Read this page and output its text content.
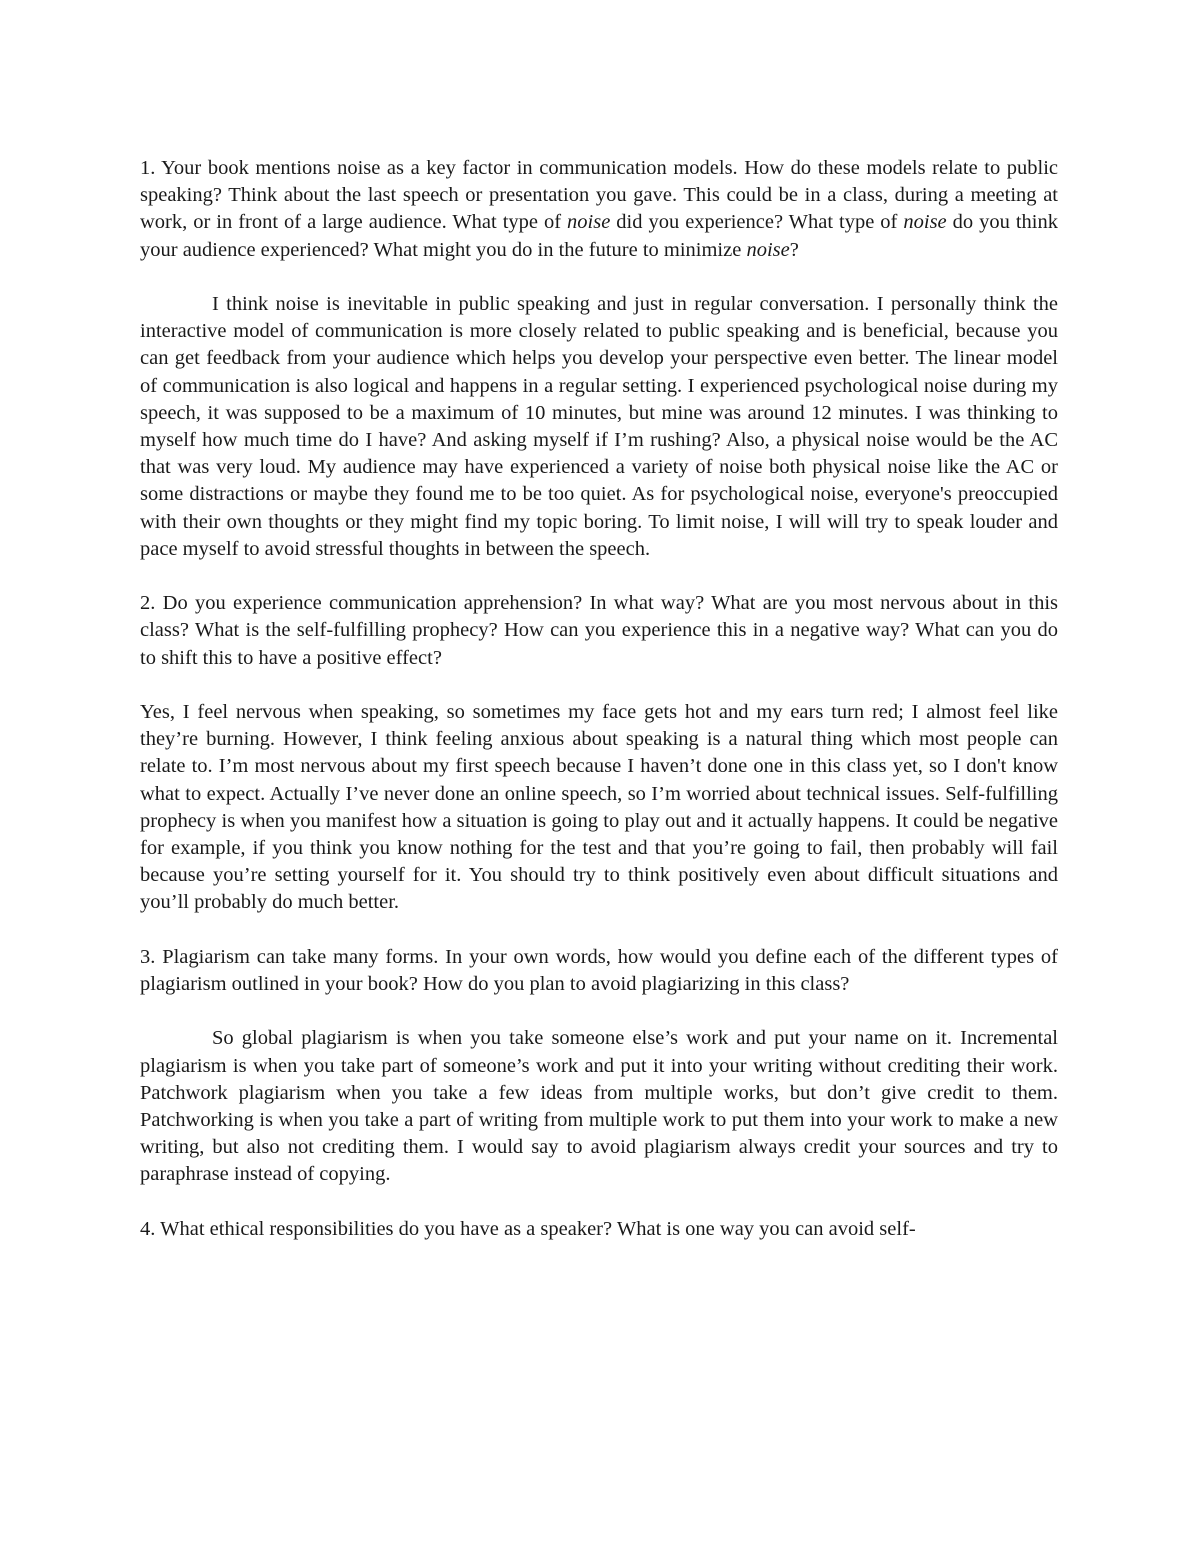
1. Your book mentions noise as a key factor in communication models. How do these models relate to public speaking? Think about the last speech or presentation you gave. This could be in a class, during a meeting at work, or in front of a large audience. What type of noise did you experience? What type of noise do you think your audience experienced? What might you do in the future to minimize noise?

I think noise is inevitable in public speaking and just in regular conversation. I personally think the interactive model of communication is more closely related to public speaking and is beneficial, because you can get feedback from your audience which helps you develop your perspective even better. The linear model of communication is also logical and happens in a regular setting. I experienced psychological noise during my speech, it was supposed to be a maximum of 10 minutes, but mine was around 12 minutes. I was thinking to myself how much time do I have? And asking myself if I’m rushing? Also, a physical noise would be the AC that was very loud. My audience may have experienced a variety of noise both physical noise like the AC or some distractions or maybe they found me to be too quiet. As for psychological noise, everyone's preoccupied with their own thoughts or they might find my topic boring. To limit noise, I will will try to speak louder and pace myself to avoid stressful thoughts in between the speech.

2. Do you experience communication apprehension? In what way? What are you most nervous about in this class? What is the self-fulfilling prophecy? How can you experience this in a negative way? What can you do to shift this to have a positive effect?

Yes, I feel nervous when speaking, so sometimes my face gets hot and my ears turn red; I almost feel like they’re burning. However, I think feeling anxious about speaking is a natural thing which most people can relate to. I’m most nervous about my first speech because I haven’t done one in this class yet, so I don't know what to expect. Actually I’ve never done an online speech, so I’m worried about technical issues. Self-fulfilling prophecy is when you manifest how a situation is going to play out and it actually happens. It could be negative for example, if you think you know nothing for the test and that you’re going to fail, then probably will fail because you’re setting yourself for it. You should try to think positively even about difficult situations and you’ll probably do much better.

3. Plagiarism can take many forms. In your own words, how would you define each of the different types of plagiarism outlined in your book? How do you plan to avoid plagiarizing in this class?

So global plagiarism is when you take someone else’s work and put your name on it. Incremental plagiarism is when you take part of someone’s work and put it into your writing without crediting their work. Patchwork plagiarism when you take a few ideas from multiple works, but don’t give credit to them. Patchworking is when you take a part of writing from multiple work to put them into your work to make a new writing, but also not crediting them. I would say to avoid plagiarism always credit your sources and try to paraphrase instead of copying.

4. What ethical responsibilities do you have as a speaker? What is one way you can avoid self-
